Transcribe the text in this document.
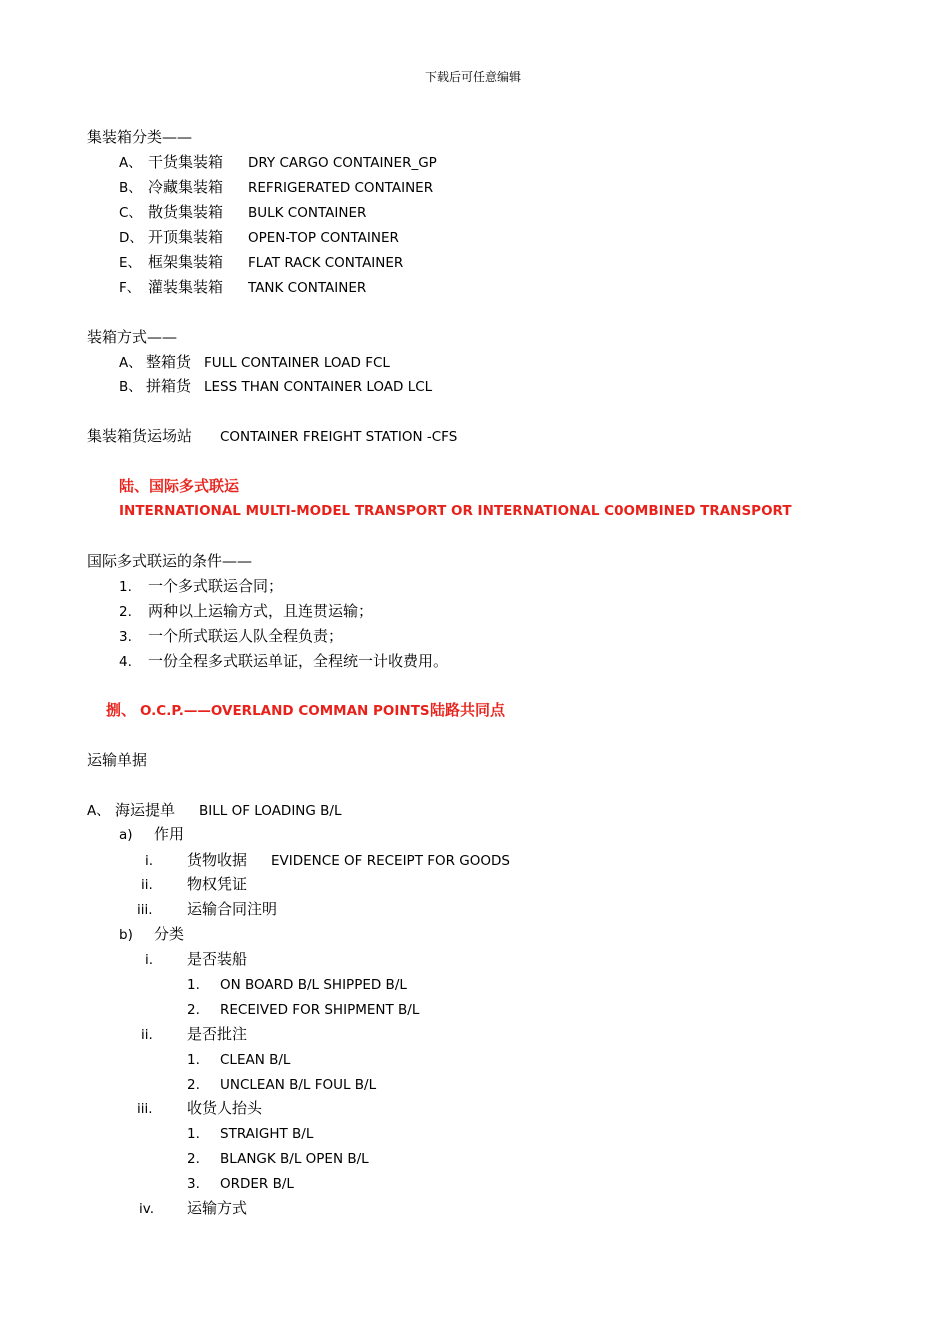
下载后可任意编辑
集装箱分类——
A、 干货集装箱 DRY CARGO CONTAINER_GP
B、 冷藏集装箱 REFRIGERATED CONTAINER
C、 散货集装箱 BULK CONTAINER
D、 开顶集装箱 OPEN-TOP CONTAINER
E、 框架集装箱 FLAT RACK CONTAINER
F、 灌装集装箱 TANK CONTAINER
装箱方式——
A、 整箱货 FULL CONTAINER LOAD FCL
B、 拼箱货 LESS THAN CONTAINER LOAD LCL
集装箱货运场站 CONTAINER FREIGHT STATION -CFS
陆、国际多式联运
INTERNATIONAL MULTI-MODEL TRANSPORT OR INTERNATIONAL C0OMBINED TRANSPORT
国际多式联运的条件——
1. 一个多式联运合同；
2. 两种以上运输方式，且连贯运输；
3. 一个所式联运人队全程负责；
4. 一份全程多式联运单证，全程统一计收费用。
捌、 O.C.P.——OVERLAND COMMAN POINTS 陆路共同点
运输单据
A、 海运提单 BILL OF LOADING B/L
a) 作用
i. 货物收据 EVIDENCE OF RECEIPT FOR GOODS
ii. 物权凭证
iii. 运输合同注明
b) 分类
i. 是否装船
1. ON BOARD B/L SHIPPED B/L
2. RECEIVED FOR SHIPMENT B/L
ii. 是否批注
1. CLEAN B/L
2. UNCLEAN B/L FOUL B/L
iii. 收货人抬头
1. STRAIGHT B/L
2. BLANGK B/L OPEN B/L
3. ORDER B/L
iv. 运输方式
